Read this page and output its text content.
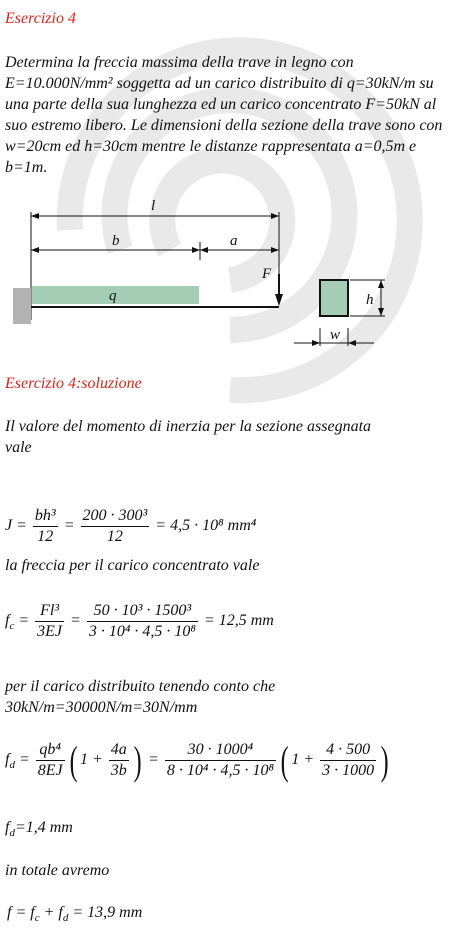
Esercizio 4
Determina la freccia massima della trave in legno con E=10.000N/mm² soggetta ad un carico distribuito di q=30kN/m su una parte della sua lunghezza ed un carico concentrato F=50kN al suo estremo libero. Le dimensioni della sezione della trave sono con w=20cm ed h=30cm mentre le distanze rappresentata a=0,5m e b=1m.
l
b	a
F
q	h
w
Esercizio 4:soluzione
Il valore del momento di inerzia per la sezione assegnata vale
$J = \frac{\text{bh³}}{12} = \frac{\text{200 · 300³}}{12} = 4,5 \cdot 10^8$ mm⁴
la freccia per il carico concentrato vale
$f_c = \frac{\text{Fl³}}{3EJ} = \frac{\text{50 · 10³ · 1500³}}{\text{3 · 10⁴ · 4,5 · 10⁸}} = 12,5$ mm
per il carico distribuito tenendo conto che 30kN/m=30000N/m=30N/mm
$f_d = \frac{\text{qb⁴}}{8EJ}$ ( $1 + \frac{4a}{3b}$ ) = $\frac{\text{30 · 1000⁴}}{\text{8 · 10⁴ · 4,5 · 10⁸}}$ ( $1 + \frac{4 \cdot 500}{3 \cdot 1000}$ )
$f_d=1,4$ mm
in totale avremo
$f = f_c + f_d = 13,9$ mm
